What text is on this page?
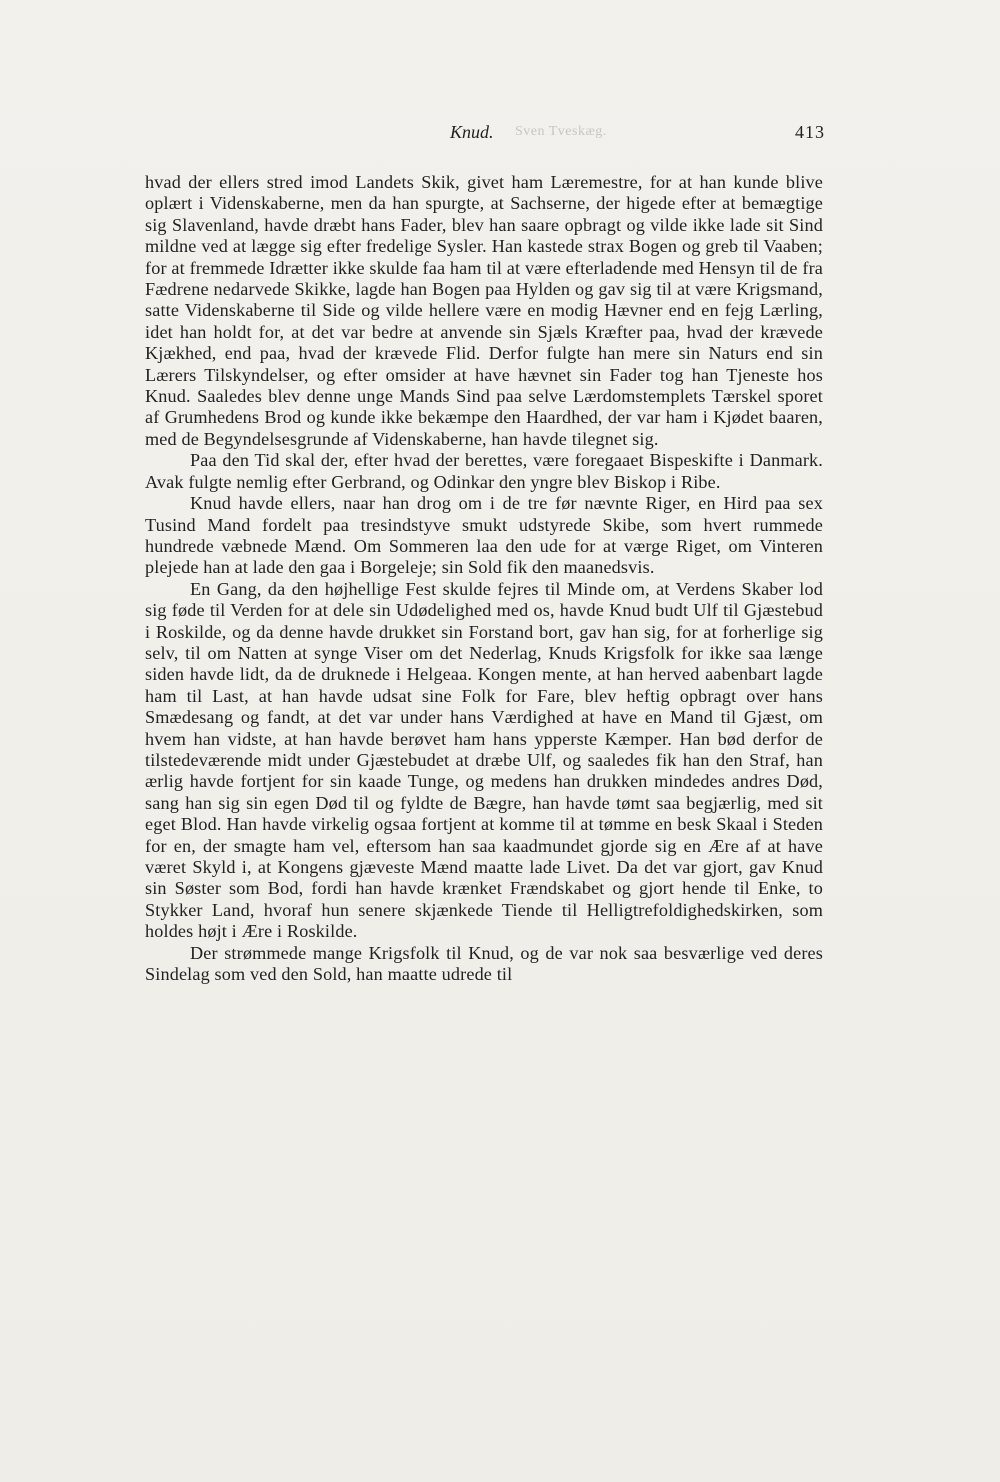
Knud. Sven Tveskæg.	413

hvad der ellers stred imod Landets Skik, givet ham Læremestre, for at han kunde blive oplært i Videnskaberne, men da han spurgte, at Sachserne, der higede efter at bemægtige sig Slavenland, havde dræbt hans Fader, blev han saare opbragt og vilde ikke lade sit Sind mildne ved at lægge sig efter fredelige Sysler. Han kastede strax Bogen og greb til Vaaben; for at fremmede Idrætter ikke skulde faa ham til at være efterladende med Hensyn til de fra Fædrene nedarvede Skikke, lagde han Bogen paa Hylden og gav sig til at være Krigsmand, satte Videnskaberne til Side og vilde hellere være en modig Hævner end en fejg Lærling, idet han holdt for, at det var bedre at anvende sin Sjæls Kræfter paa, hvad der krævede Kjækhed, end paa, hvad der krævede Flid. Derfor fulgte han mere sin Naturs end sin Lærers Tilskyndelser, og efter omsider at have hævnet sin Fader tog han Tjeneste hos Knud. Saaledes blev denne unge Mands Sind paa selve Lærdomstemplets Tærskel sporet af Grumhedens Brod og kunde ikke bekæmpe den Haardhed, der var ham i Kjødet baaren, med de Begyndelsesgrunde af Videnskaberne, han havde tilegnet sig.

Paa den Tid skal der, efter hvad der berettes, være foregaaet Bispeskifte i Danmark. Avak fulgte nemlig efter Gerbrand, og Odinkar den yngre blev Biskop i Ribe.

Knud havde ellers, naar han drog om i de tre før nævnte Riger, en Hird paa sex Tusind Mand fordelt paa tresindstyve smukt udstyrede Skibe, som hvert rummede hundrede væbnede Mænd. Om Sommeren laa den ude for at værge Riget, om Vinteren plejede han at lade den gaa i Borgeleje; sin Sold fik den maanedsvis.

En Gang, da den højhellige Fest skulde fejres til Minde om, at Verdens Skaber lod sig føde til Verden for at dele sin Udødelighed med os, havde Knud budt Ulf til Gjæstebud i Roskilde, og da denne havde drukket sin Forstand bort, gav han sig, for at forherlige sig selv, til om Natten at synge Viser om det Nederlag, Knuds Krigsfolk for ikke saa længe siden havde lidt, da de druknede i Helgeaa. Kongen mente, at han herved aabenbart lagde ham til Last, at han havde udsat sine Folk for Fare, blev heftig opbragt over hans Smædesang og fandt, at det var under hans Værdighed at have en Mand til Gjæst, om hvem han vidste, at han havde berøvet ham hans ypperste Kæmper. Han bød derfor de tilstedeværende midt under Gjæstebudet at dræbe Ulf, og saaledes fik han den Straf, han ærlig havde fortjent for sin kaade Tunge, og medens han drukken mindedes andres Død, sang han sig sin egen Død til og fyldte de Bægre, han havde tømt saa begjærlig, med sit eget Blod. Han havde virkelig ogsaa fortjent at komme til at tømme en besk Skaal i Steden for en, der smagte ham vel, eftersom han saa kaadmundet gjorde sig en Ære af at have været Skyld i, at Kongens gjæveste Mænd maatte lade Livet. Da det var gjort, gav Knud sin Søster som Bod, fordi han havde krænket Frændskabet og gjort hende til Enke, to Stykker Land, hvoraf hun senere skjænkede Tiende til Helligtrefoldighedskirken, som holdes højt i Ære i Roskilde.

Der strømmede mange Krigsfolk til Knud, og de var nok saa besværlige ved deres Sindelag som ved den Sold, han maatte udrede til
